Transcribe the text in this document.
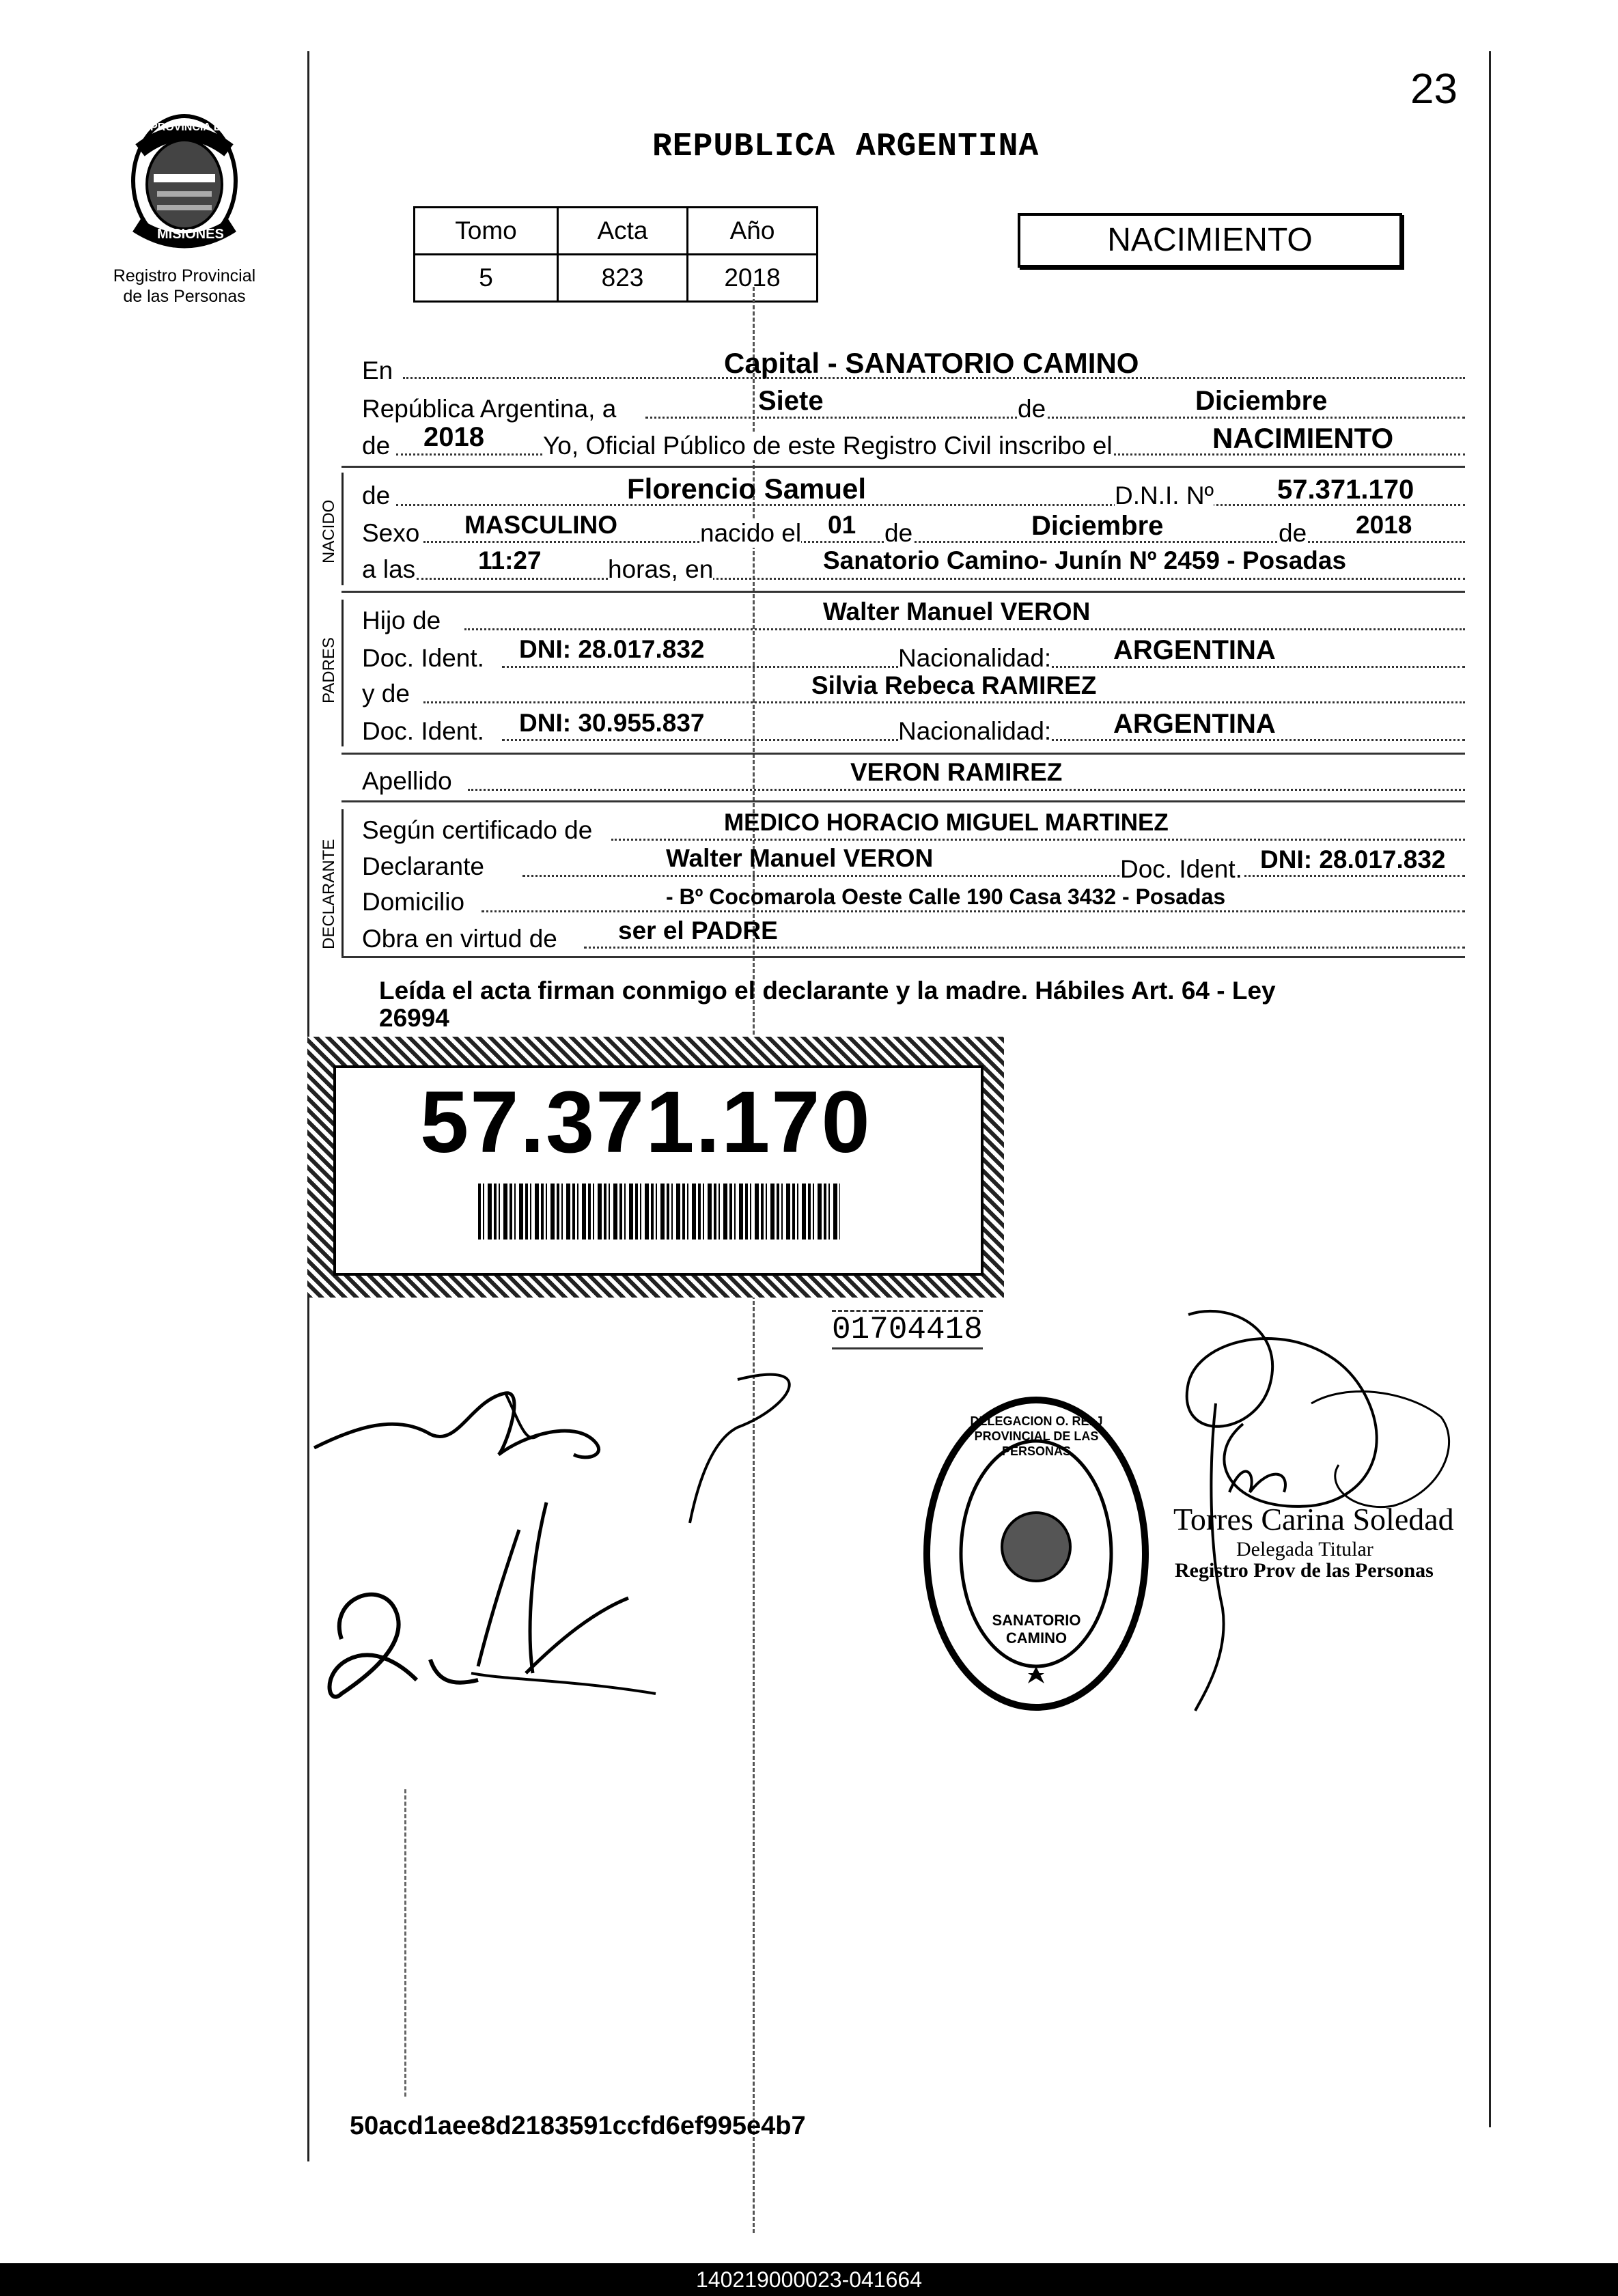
23
REPUBLICA ARGENTINA
PROVINCIA DE
MISIONES
Registro Provincial
de las Personas
Tomo	Acta	Año
5	823	2018
NACIMIENTO
En	Capital - SANATORIO CAMINO
República Argentina, a	Siete	de	Diciembre
de 2018 Yo, Oficial Público de este Registro Civil inscribo el	NACIMIENTO
NACIDO
de	Florencio Samuel	D.N.I. Nº 57.371.170
Sexo MASCULINO	nacido el 01 de	Diciembre	de 2018
a las 11:27	horas, en	Sanatorio Camino- Junín Nº 2459 - Posadas
PADRES
Hijo de	Walter Manuel VERON
Doc. Ident. DNI: 28.017.832	Nacionalidad: ARGENTINA
y de	Silvia Rebeca RAMIREZ
Doc. Ident. DNI: 30.955.837	Nacionalidad: ARGENTINA
Apellido	VERON RAMIREZ
DECLARANTE
Según certificado de	MEDICO HORACIO MIGUEL MARTINEZ
Declarante	Walter Manuel VERON	Doc. Ident. DNI: 28.017.832
Domicilio	- Bº Cocomarola Oeste Calle 190 Casa 3432 - Posadas
Obra en virtud de ser el PADRE
Leída el acta firman conmigo el declarante y la madre. Hábiles Art. 64 - Ley
26994
57.371.170
01704418
DELEGACION O. RE. J PROVINCIAL DE LAS PERSONAS
SANATORIO CAMINO
Torres Carina Soledad
Delegada Titular
Registro Prov de las Personas
50acd1aee8d2183591ccfd6ef995e4b7
140219000023-041664
